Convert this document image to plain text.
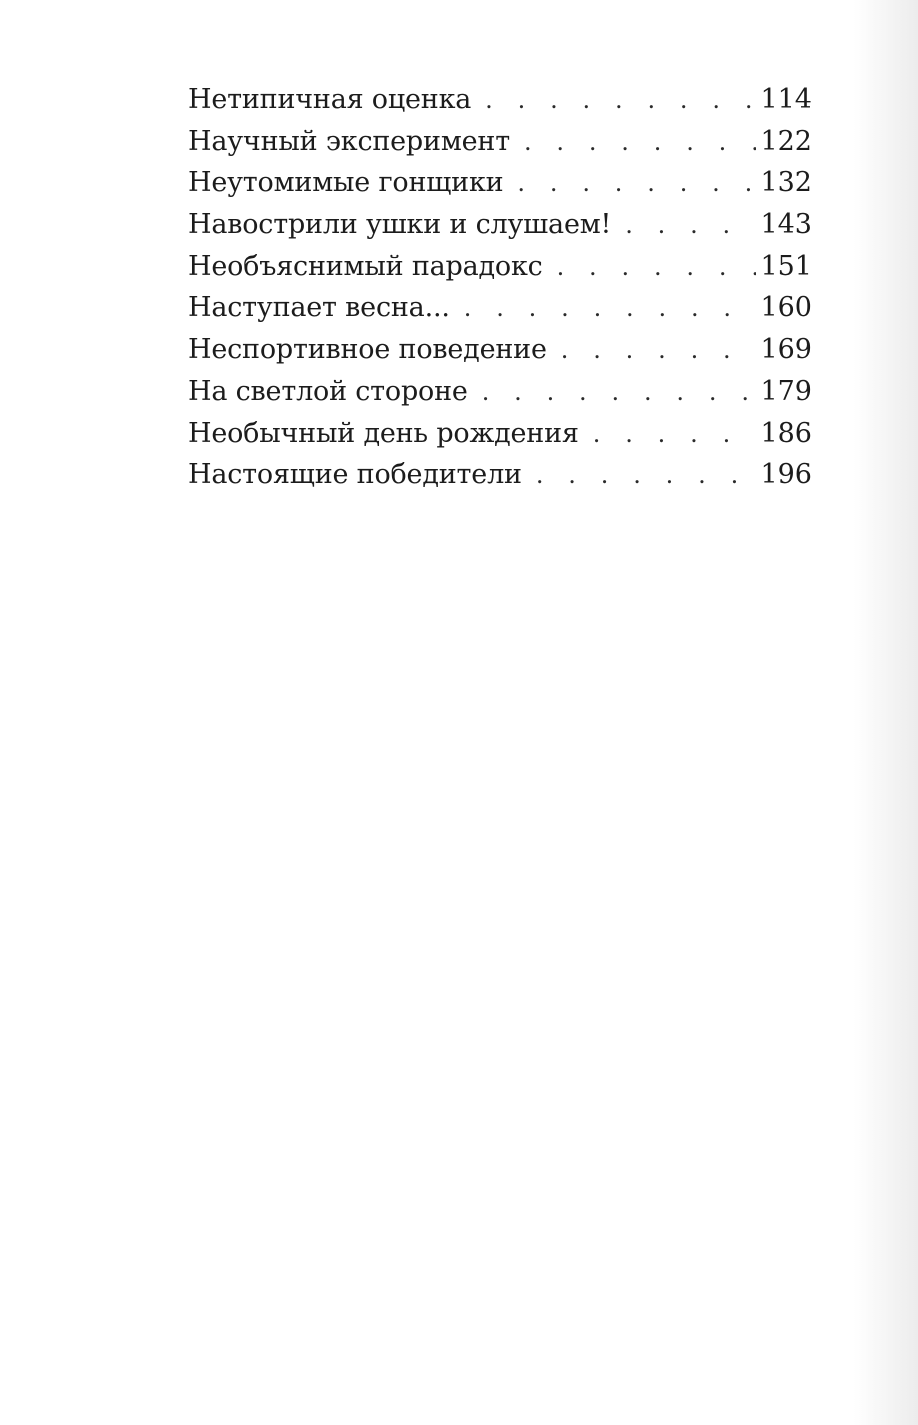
Нетипичная оценка . . .	114
Научный эксперимент . . .	122
Неутомимые гонщики . . .	132
Навострили ушки и слушаем! . . .	143
Необъяснимый парадокс . . .	151
Наступает весна... . . .	160
Неспортивное поведение . . .	169
На светлой стороне . . .	179
Необычный день рождения . . .	186
Настоящие победители . . .	196
